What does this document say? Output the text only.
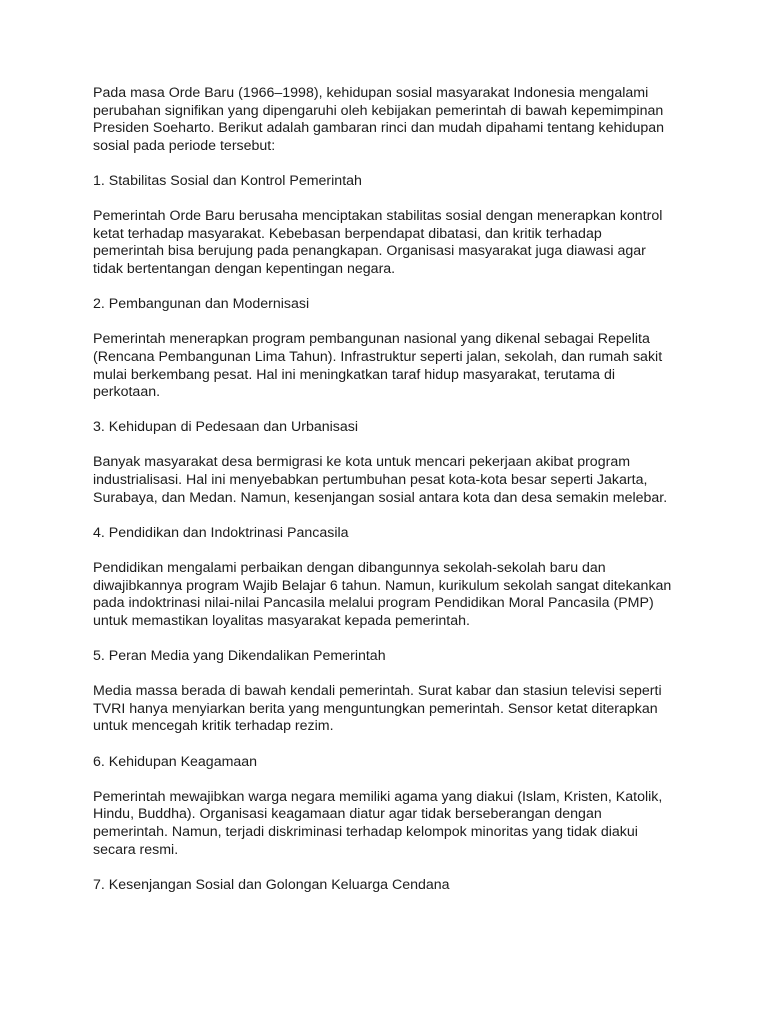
Pada masa Orde Baru (1966–1998), kehidupan sosial masyarakat Indonesia mengalami
perubahan signifikan yang dipengaruhi oleh kebijakan pemerintah di bawah kepemimpinan
Presiden Soeharto. Berikut adalah gambaran rinci dan mudah dipahami tentang kehidupan
sosial pada periode tersebut:

1. Stabilitas Sosial dan Kontrol Pemerintah

Pemerintah Orde Baru berusaha menciptakan stabilitas sosial dengan menerapkan kontrol
ketat terhadap masyarakat. Kebebasan berpendapat dibatasi, dan kritik terhadap
pemerintah bisa berujung pada penangkapan. Organisasi masyarakat juga diawasi agar
tidak bertentangan dengan kepentingan negara.

2. Pembangunan dan Modernisasi

Pemerintah menerapkan program pembangunan nasional yang dikenal sebagai Repelita
(Rencana Pembangunan Lima Tahun). Infrastruktur seperti jalan, sekolah, dan rumah sakit
mulai berkembang pesat. Hal ini meningkatkan taraf hidup masyarakat, terutama di
perkotaan.

3. Kehidupan di Pedesaan dan Urbanisasi

Banyak masyarakat desa bermigrasi ke kota untuk mencari pekerjaan akibat program
industrialisasi. Hal ini menyebabkan pertumbuhan pesat kota-kota besar seperti Jakarta,
Surabaya, dan Medan. Namun, kesenjangan sosial antara kota dan desa semakin melebar.

4. Pendidikan dan Indoktrinasi Pancasila

Pendidikan mengalami perbaikan dengan dibangunnya sekolah-sekolah baru dan
diwajibkannya program Wajib Belajar 6 tahun. Namun, kurikulum sekolah sangat ditekankan
pada indoktrinasi nilai-nilai Pancasila melalui program Pendidikan Moral Pancasila (PMP)
untuk memastikan loyalitas masyarakat kepada pemerintah.

5. Peran Media yang Dikendalikan Pemerintah

Media massa berada di bawah kendali pemerintah. Surat kabar dan stasiun televisi seperti
TVRI hanya menyiarkan berita yang menguntungkan pemerintah. Sensor ketat diterapkan
untuk mencegah kritik terhadap rezim.

6. Kehidupan Keagamaan

Pemerintah mewajibkan warga negara memiliki agama yang diakui (Islam, Kristen, Katolik,
Hindu, Buddha). Organisasi keagamaan diatur agar tidak berseberangan dengan
pemerintah. Namun, terjadi diskriminasi terhadap kelompok minoritas yang tidak diakui
secara resmi.

7. Kesenjangan Sosial dan Golongan Keluarga Cendana
